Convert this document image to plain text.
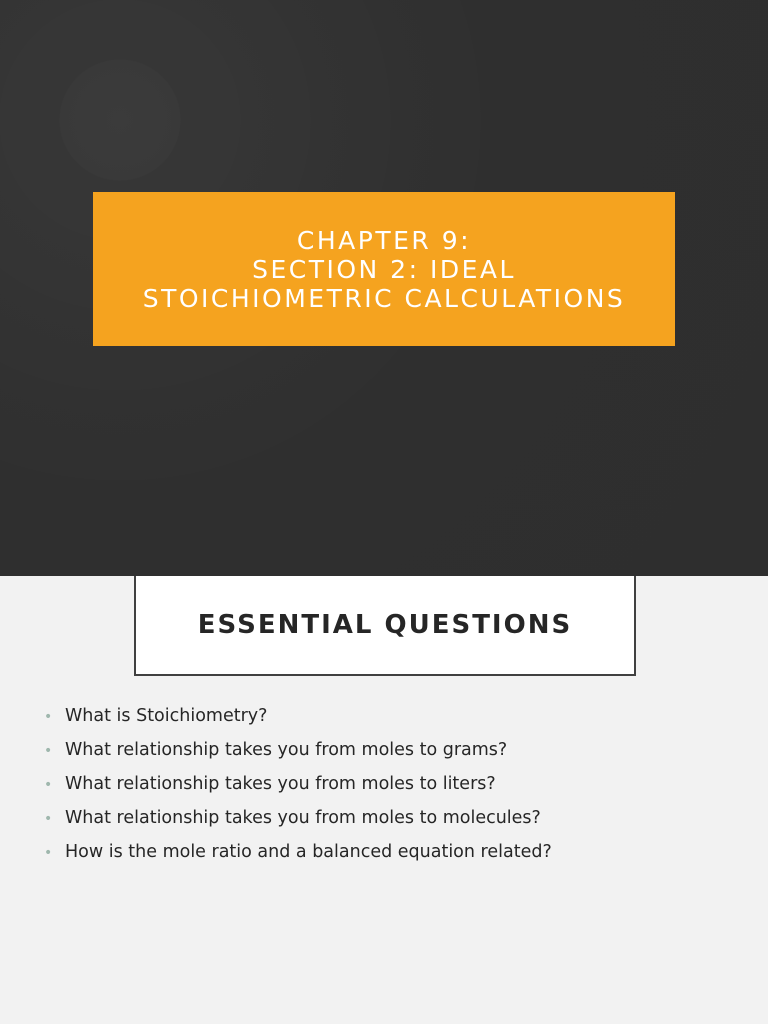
CHAPTER 9:
SECTION 2: IDEAL
STOICHIOMETRIC CALCULATIONS

ESSENTIAL QUESTIONS
• What is Stoichiometry?
• What relationship takes you from moles to grams?
• What relationship takes you from moles to liters?
• What relationship takes you from moles to molecules?
• How is the mole ratio and a balanced equation related?
